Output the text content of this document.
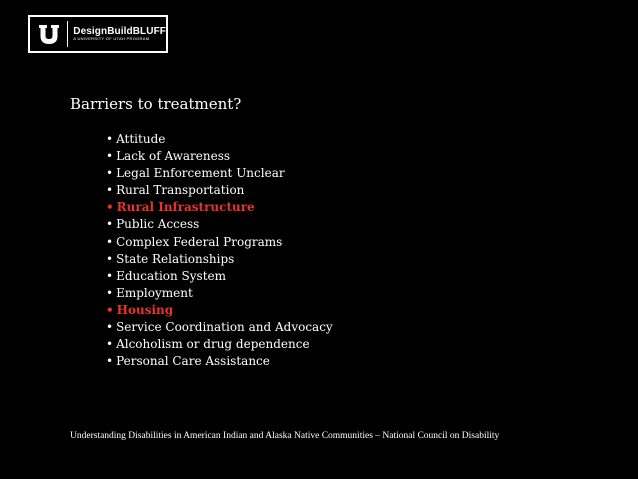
DesignBuildBLUFF
A UNIVERSITY OF UTAH PROGRAM
Barriers to treatment?
• Attitude
• Lack of Awareness
• Legal Enforcement Unclear
• Rural Transportation
• Rural Infrastructure
• Public Access
• Complex Federal Programs
• State Relationships
• Education System
• Employment
• Housing
• Service Coordination and Advocacy
• Alcoholism or drug dependence
• Personal Care Assistance
Understanding Disabilities in American Indian and Alaska Native Communities – National Council on Disability
